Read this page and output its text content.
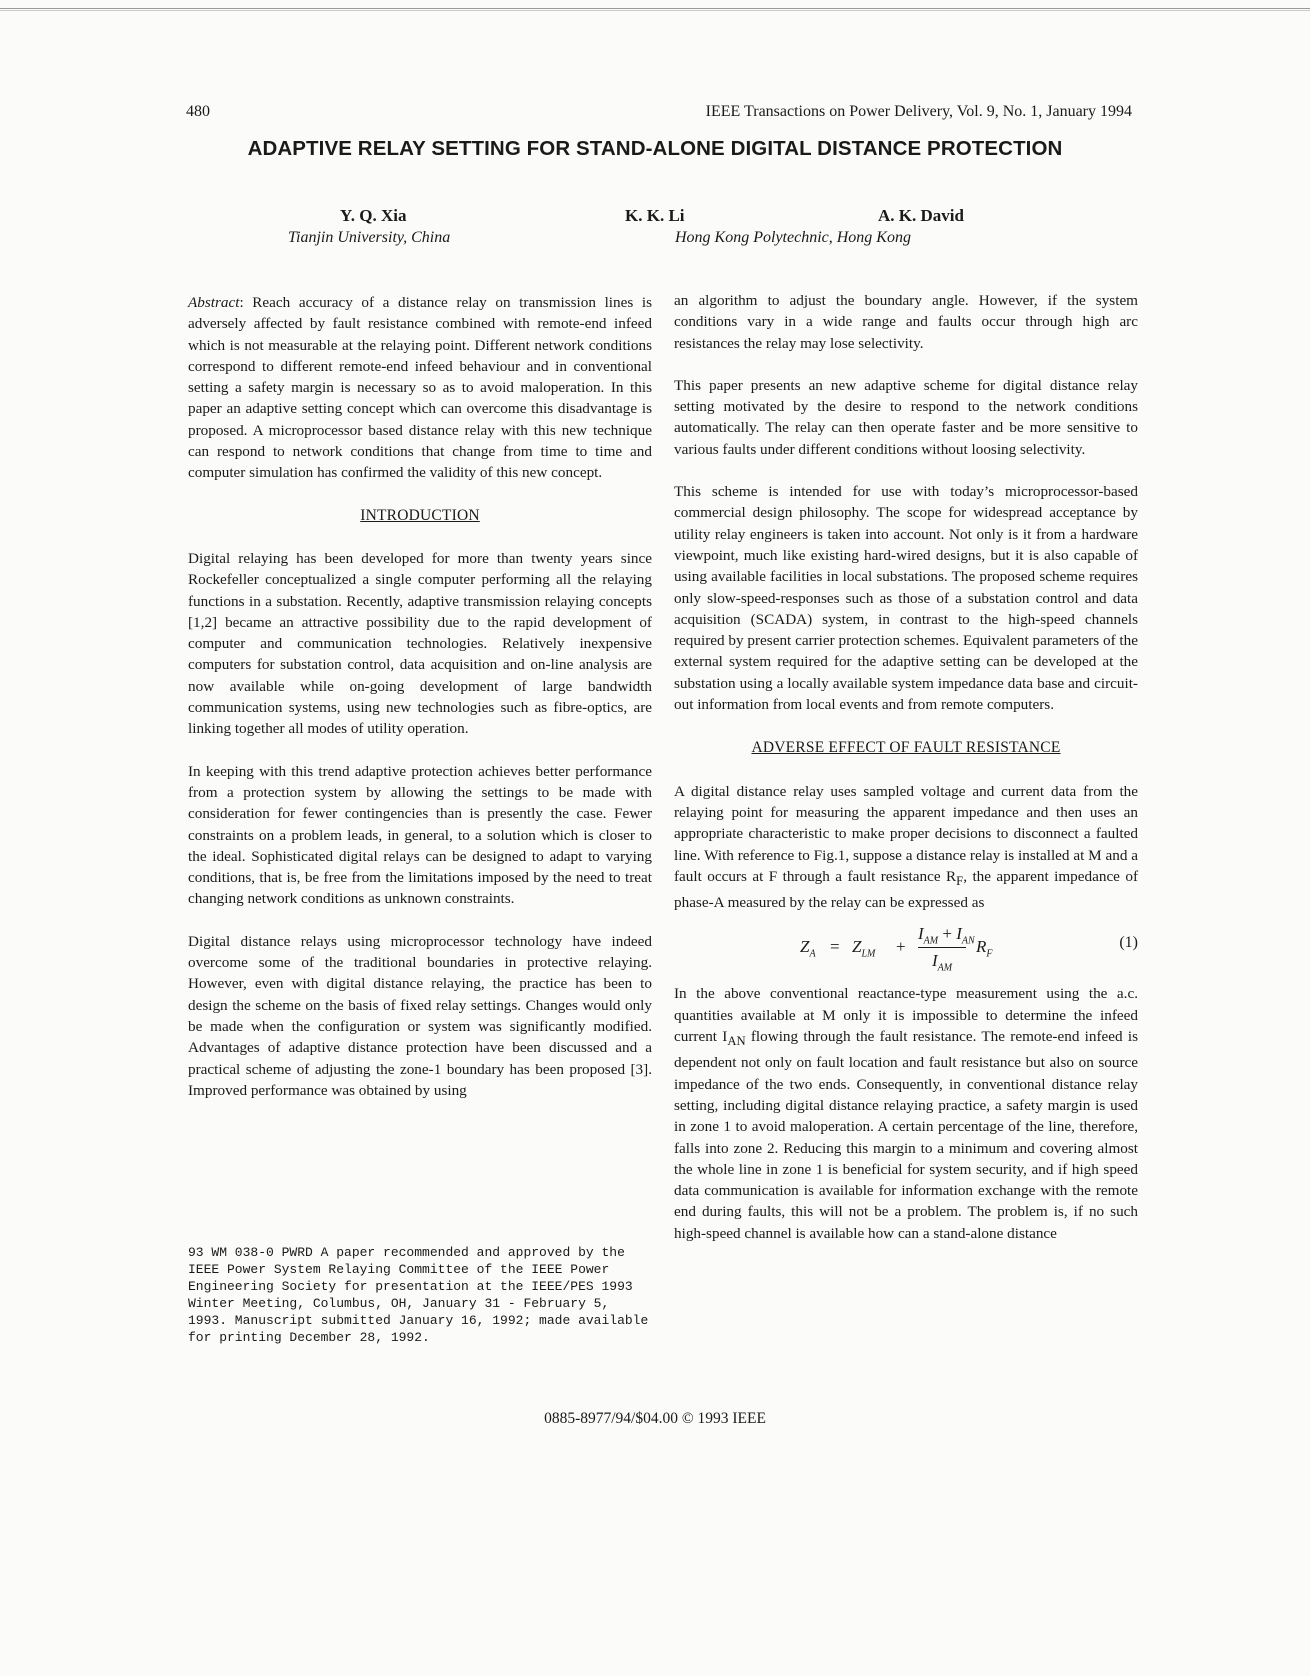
480	IEEE Transactions on Power Delivery, Vol. 9, No. 1, January 1994
ADAPTIVE RELAY SETTING FOR STAND-ALONE DIGITAL DISTANCE PROTECTION
Y. Q. Xia	K. K. Li	A. K. David
Tianjin University, China	Hong Kong Polytechnic, Hong Kong

Abstract: Reach accuracy of a distance relay on transmission lines is adversely affected by fault resistance combined with remote-end infeed which is not measurable at the relaying point. Different network conditions correspond to different remote-end infeed behaviour and in conventional setting a safety margin is necessary so as to avoid maloperation. In this paper an adaptive setting concept which can overcome this disadvantage is proposed. A microprocessor based distance relay with this new technique can respond to network conditions that change from time to time and computer simulation has confirmed the validity of this new concept.

INTRODUCTION

Digital relaying has been developed for more than twenty years since Rockefeller conceptualized a single computer performing all the relaying functions in a substation. Recently, adaptive transmission relaying concepts [1,2] became an attractive possibility due to the rapid development of computer and communication technologies. Relatively inexpensive computers for substation control, data acquisition and on-line analysis are now available while on-going development of large bandwidth communication systems, using new technologies such as fibre-optics, are linking together all modes of utility operation.

In keeping with this trend adaptive protection achieves better performance from a protection system by allowing the settings to be made with consideration for fewer contingencies than is presently the case. Fewer constraints on a problem leads, in general, to a solution which is closer to the ideal. Sophisticated digital relays can be designed to adapt to varying conditions, that is, be free from the limitations imposed by the need to treat changing network conditions as unknown constraints.

Digital distance relays using microprocessor technology have indeed overcome some of the traditional boundaries in protective relaying. However, even with digital distance relaying, the practice has been to design the scheme on the basis of fixed relay settings. Changes would only be made when the configuration or system was significantly modified. Advantages of adaptive distance protection have been discussed and a practical scheme of adjusting the zone-1 boundary has been proposed [3]. Improved performance was obtained by using

93 WM 038-0 PWRD A paper recommended and approved by the IEEE Power System Relaying Committee of the IEEE Power Engineering Society for presentation at the IEEE/PES 1993 Winter Meeting, Columbus, OH, January 31 - February 5, 1993. Manuscript submitted January 16, 1992; made available for printing December 28, 1992.

an algorithm to adjust the boundary angle. However, if the system conditions vary in a wide range and faults occur through high arc resistances the relay may lose selectivity.

This paper presents an new adaptive scheme for digital distance relay setting motivated by the desire to respond to the network conditions automatically. The relay can then operate faster and be more sensitive to various faults under different conditions without loosing selectivity.

This scheme is intended for use with today’s microprocessor-based commercial design philosophy. The scope for widespread acceptance by utility relay engineers is taken into account. Not only is it from a hardware viewpoint, much like existing hard-wired designs, but it is also capable of using available facilities in local substations. The proposed scheme requires only slow-speed-responses such as those of a substation control and data acquisition (SCADA) system, in contrast to the high-speed channels required by present carrier protection schemes. Equivalent parameters of the external system required for the adaptive setting can be developed at the substation using a locally available system impedance data base and circuit-out information from local events and from remote computers.

ADVERSE EFFECT OF FAULT RESISTANCE

A digital distance relay uses sampled voltage and current data from the relaying point for measuring the apparent impedance and then uses an appropriate characteristic to make proper decisions to disconnect a faulted line. With reference to Fig.1, suppose a distance relay is installed at M and a fault occurs at F through a fault resistance $R_F$, the apparent impedance of phase-A measured by the relay can be expressed as

$Z_A = Z_{LM}$ +
$I_{AM} + I_{AN}$
$I_{AM}$
$R_F$
(1)

In the above conventional reactance-type measurement using the a.c. quantities available at M only it is impossible to determine the infeed current $I_{AN}$ flowing through the fault resistance. The remote-end infeed is dependent not only on fault location and fault resistance but also on source impedance of the two ends. Consequently, in conventional distance relay setting, including digital distance relaying practice, a safety margin is used in zone 1 to avoid maloperation. A certain percentage of the line, therefore, falls into zone 2. Reducing this margin to a minimum and covering almost the whole line in zone 1 is beneficial for system security, and if high speed data communication is available for information exchange with the remote end during faults, this will not be a problem. The problem is, if no such high-speed channel is available how can a stand-alone distance

0885-8977/94/$04.00 © 1993 IEEE
